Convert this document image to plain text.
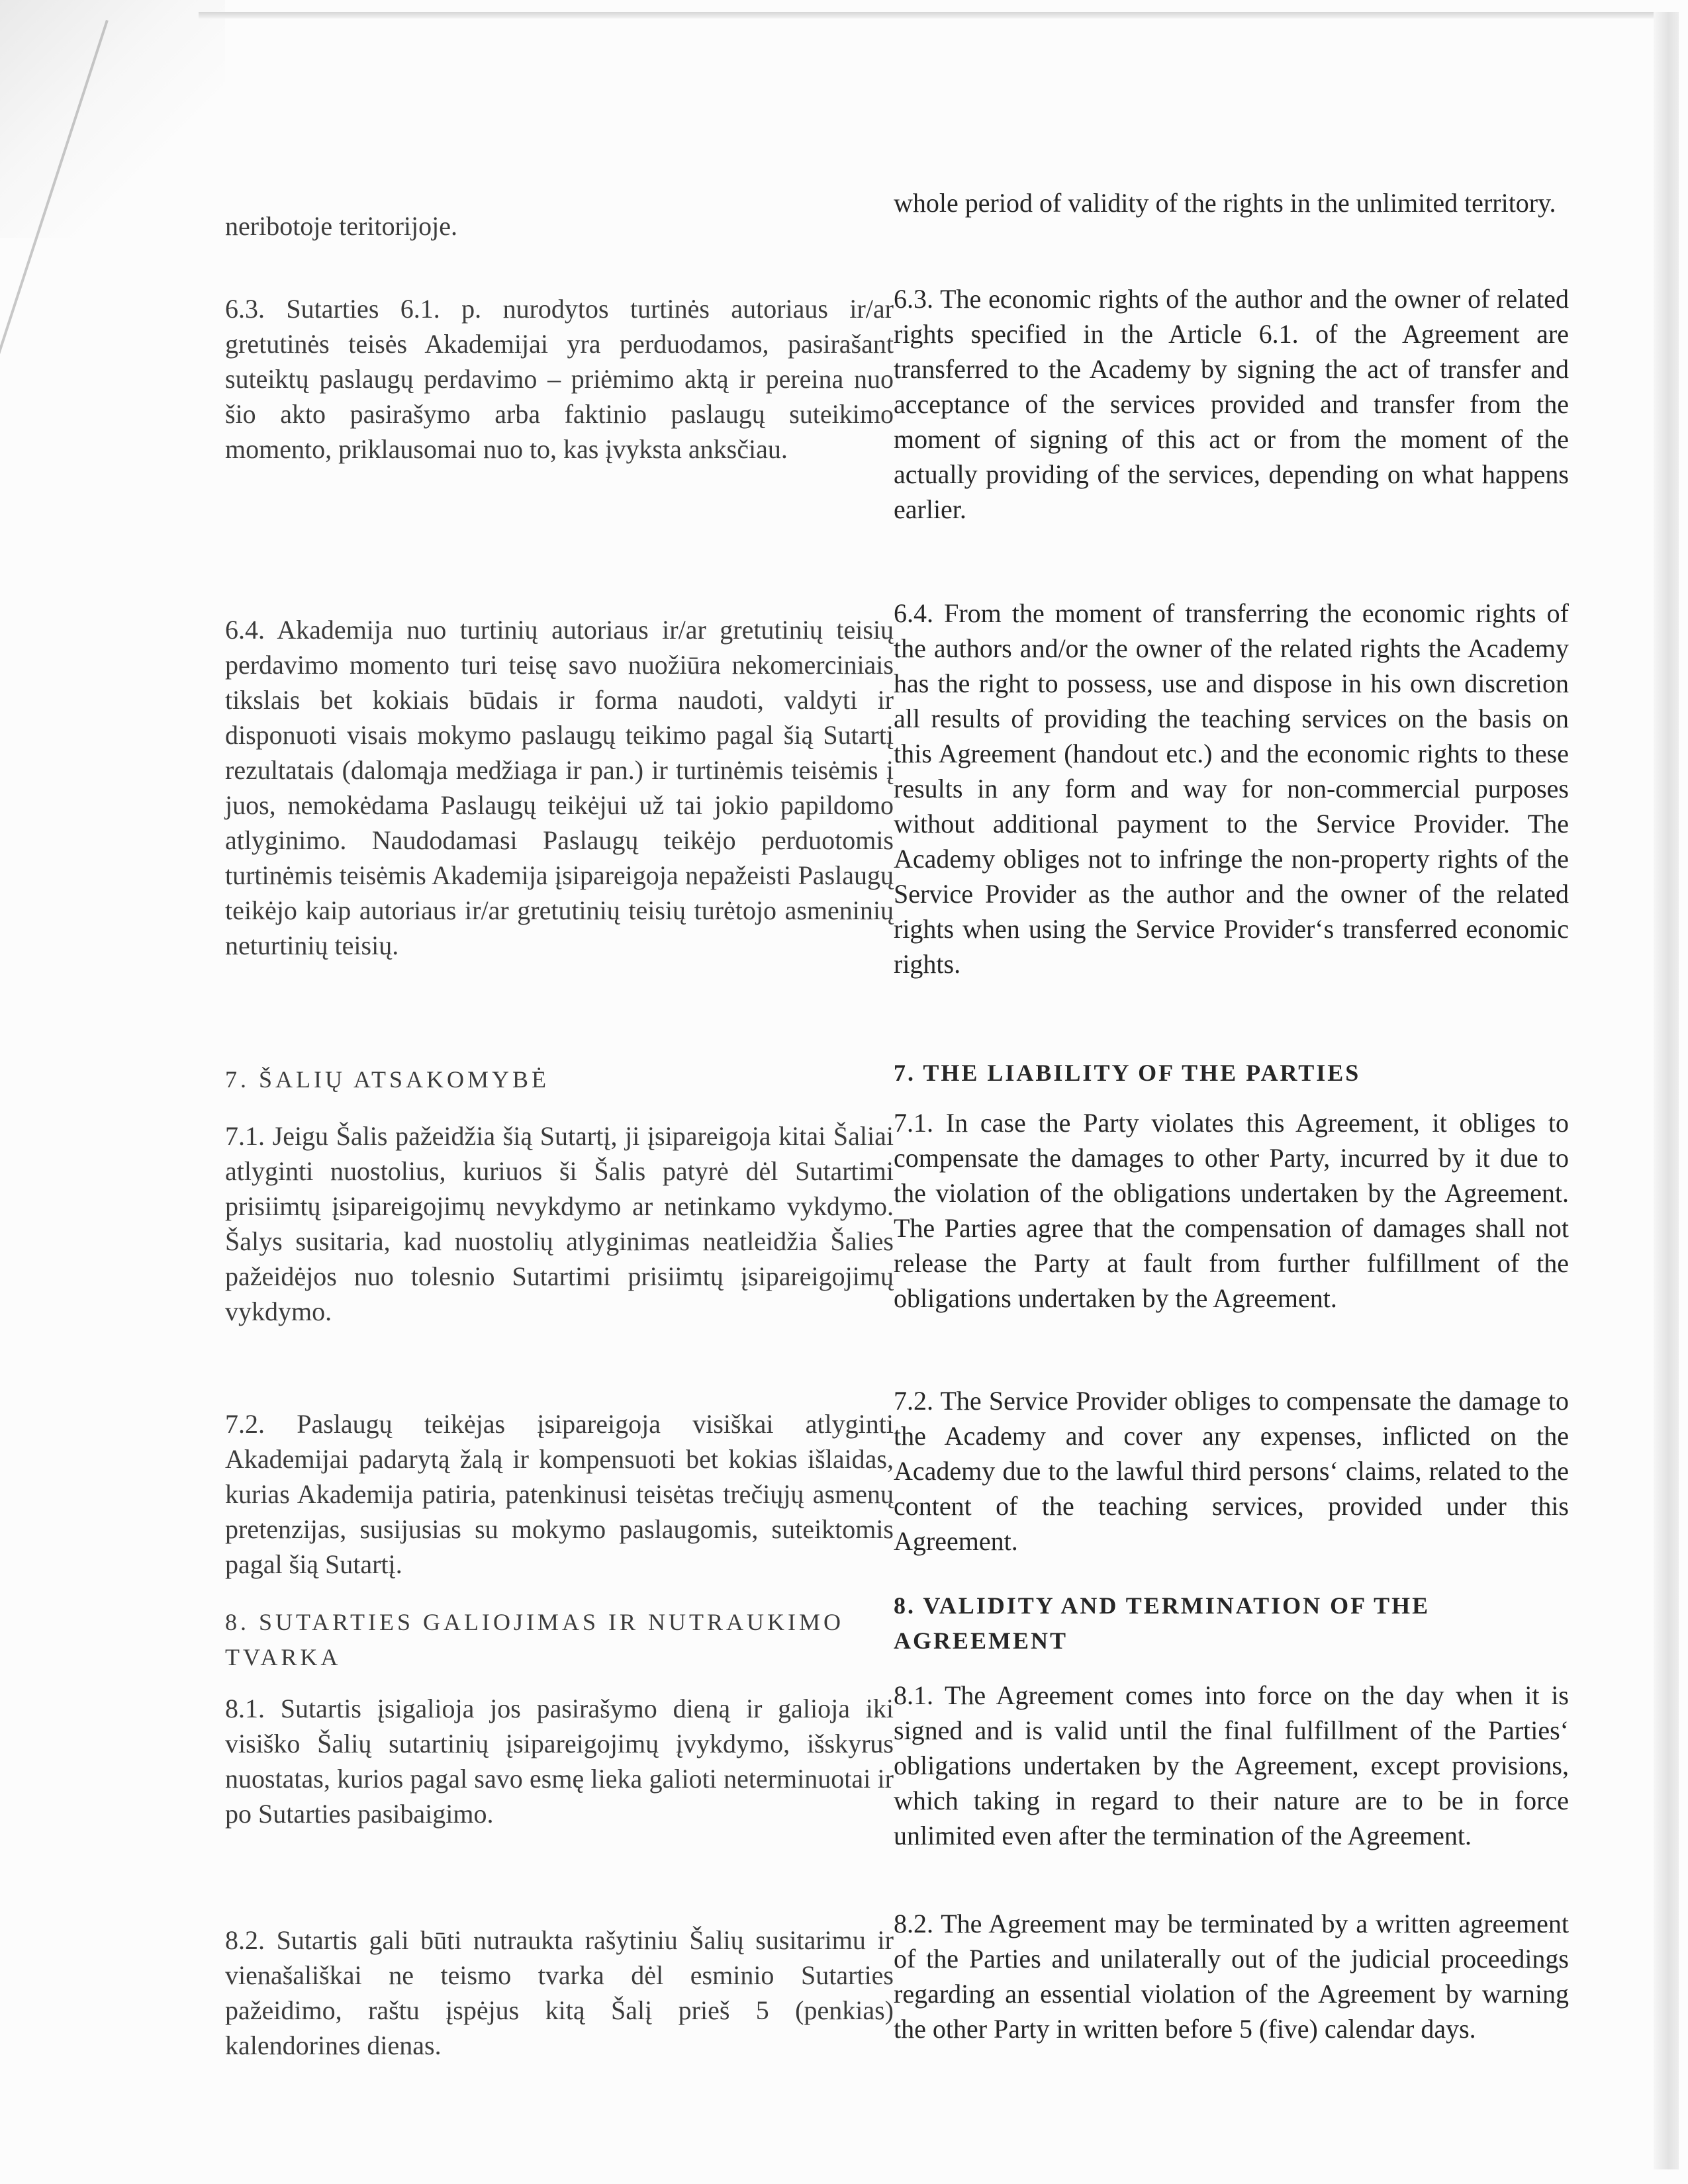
neribotoje teritorijoje.

6.3. Sutarties 6.1. p. nurodytos turtinės autoriaus ir/ar gretutinės teisės Akademijai yra perduodamos, pasirašant suteiktų paslaugų perdavimo – priėmimo aktą ir pereina nuo šio akto pasirašymo arba faktinio paslaugų suteikimo momento, priklausomai nuo to, kas įvyksta anksčiau.

6.4. Akademija nuo turtinių autoriaus ir/ar gretutinių teisių perdavimo momento turi teisę savo nuožiūra nekomerciniais tikslais bet kokiais būdais ir forma naudoti, valdyti ir disponuoti visais mokymo paslaugų teikimo pagal šią Sutartį rezultatais (dalomąja medžiaga ir pan.) ir turtinėmis teisėmis į juos, nemokėdama Paslaugų teikėjui už tai jokio papildomo atlyginimo. Naudodamasi Paslaugų teikėjo perduotomis turtinėmis teisėmis Akademija įsipareigoja nepažeisti Paslaugų teikėjo kaip autoriaus ir/ar gretutinių teisių turėtojo asmeninių neturtinių teisių.

7. ŠALIŲ ATSAKOMYBĖ

7.1. Jeigu Šalis pažeidžia šią Sutartį, ji įsipareigoja kitai Šaliai atlyginti nuostolius, kuriuos ši Šalis patyrė dėl Sutartimi prisiimtų įsipareigojimų nevykdymo ar netinkamo vykdymo. Šalys susitaria, kad nuostolių atlyginimas neatleidžia Šalies pažeidėjos nuo tolesnio Sutartimi prisiimtų įsipareigojimų vykdymo.

7.2. Paslaugų teikėjas įsipareigoja visiškai atlyginti Akademijai padarytą žalą ir kompensuoti bet kokias išlaidas, kurias Akademija patiria, patenkinusi teisėtas trečiųjų asmenų pretenzijas, susijusias su mokymo paslaugomis, suteiktomis pagal šią Sutartį.

8. SUTARTIES GALIOJIMAS IR NUTRAUKIMO TVARKA

8.1. Sutartis įsigalioja jos pasirašymo dieną ir galioja iki visiško Šalių sutartinių įsipareigojimų įvykdymo, išskyrus nuostatas, kurios pagal savo esmę lieka galioti neterminuotai ir po Sutarties pasibaigimo.

8.2. Sutartis gali būti nutraukta rašytiniu Šalių susitarimu ir vienašališkai ne teismo tvarka dėl esminio Sutarties pažeidimo, raštu įspėjus kitą Šalį prieš 5 (penkias) kalendorines dienas.

whole period of validity of the rights in the unlimited territory.

6.3. The economic rights of the author and the owner of related rights specified in the Article 6.1. of the Agreement are transferred to the Academy by signing the act of transfer and acceptance of the services provided and transfer from the moment of signing of this act or from the moment of the actually providing of the services, depending on what happens earlier.

6.4. From the moment of transferring the economic rights of the authors and/or the owner of the related rights the Academy has the right to possess, use and dispose in his own discretion all results of providing the teaching services on the basis on this Agreement (handout etc.) and the economic rights to these results in any form and way for non-commercial purposes without additional payment to the Service Provider. The Academy obliges not to infringe the non-property rights of the Service Provider as the author and the owner of the related rights when using the Service Provider‘s transferred economic rights.

7. THE LIABILITY OF THE PARTIES

7.1. In case the Party violates this Agreement, it obliges to compensate the damages to other Party, incurred by it due to the violation of the obligations undertaken by the Agreement. The Parties agree that the compensation of damages shall not release the Party at fault from further fulfillment of the obligations undertaken by the Agreement.

7.2. The Service Provider obliges to compensate the damage to the Academy and cover any expenses, inflicted on the Academy due to the lawful third persons‘ claims, related to the content of the teaching services, provided under this Agreement.

8. VALIDITY AND TERMINATION OF THE AGREEMENT

8.1. The Agreement comes into force on the day when it is signed and is valid until the final fulfillment of the Parties‘ obligations undertaken by the Agreement, except provisions, which taking in regard to their nature are to be in force unlimited even after the termination of the Agreement.

8.2. The Agreement may be terminated by a written agreement of the Parties and unilaterally out of the judicial proceedings regarding an essential violation of the Agreement by warning the other Party in written before 5 (five) calendar days.
